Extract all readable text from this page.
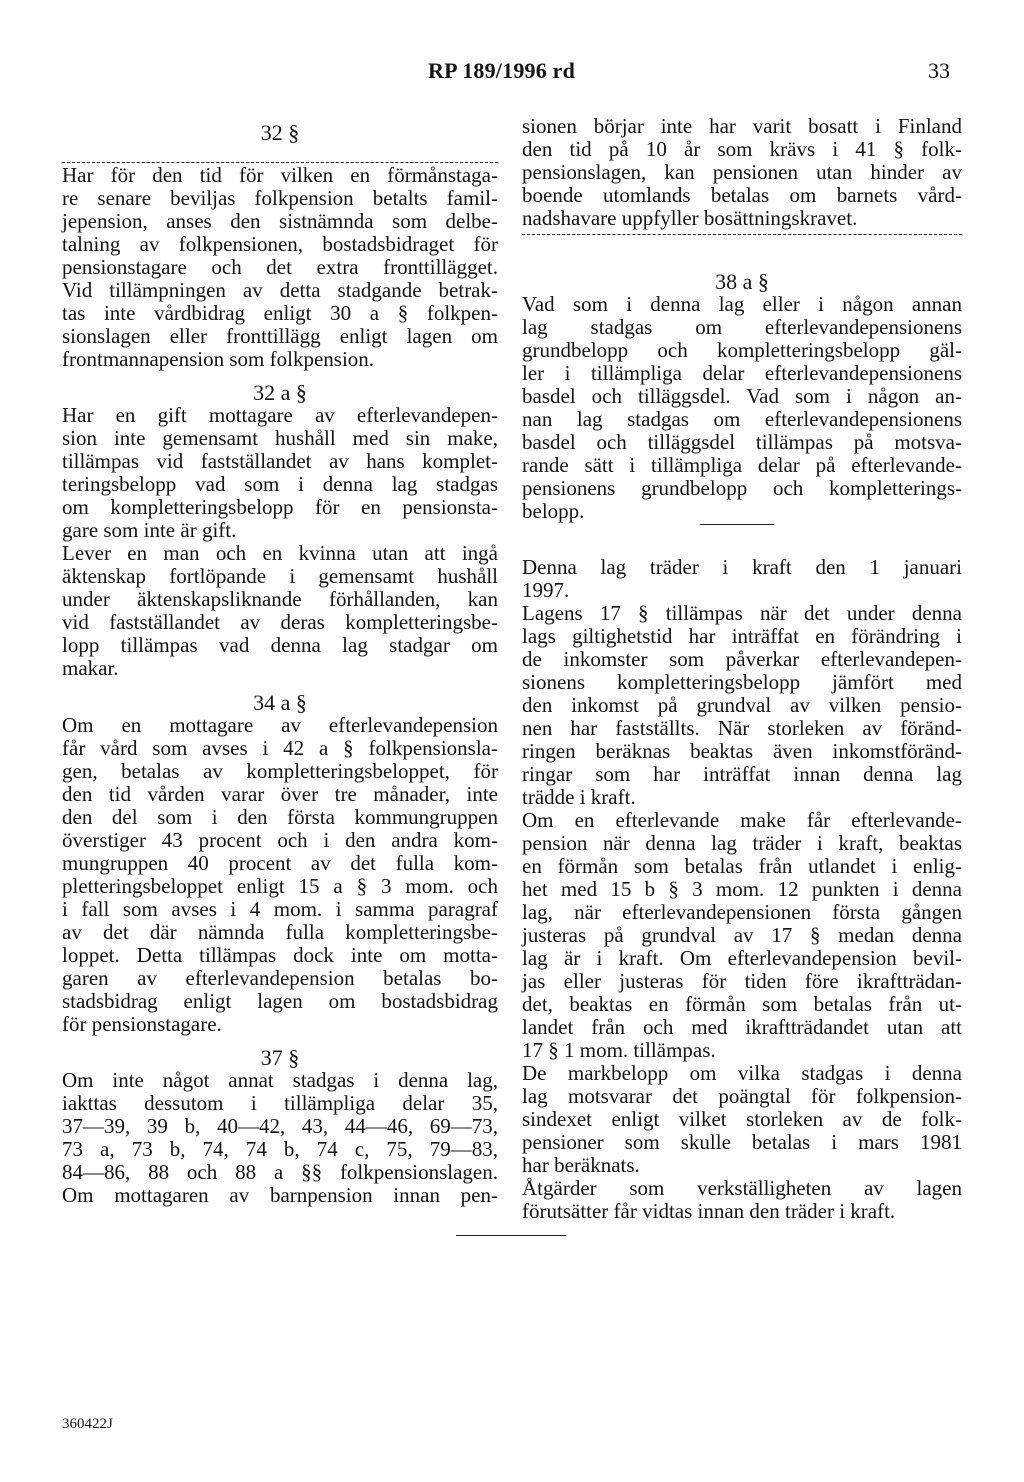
RP 189/1996 rd	33
32 §
Har för den tid för vilken en förmånstaga-
re senare beviljas folkpension betalts famil-
jepension, anses den sistnämnda som delbe-
talning av folkpensionen, bostadsbidraget för
pensionstagare och det extra fronttillägget.
Vid tillämpningen av detta stadgande betrak-
tas inte vårdbidrag enligt 30 a § folkpen-
sionslagen eller fronttillägg enligt lagen om
frontmannapension som folkpension.
32 a §
Har en gift mottagare av efterlevandepen-
sion inte gemensamt hushåll med sin make,
tillämpas vid fastställandet av hans komplet-
teringsbelopp vad som i denna lag stadgas
om kompletteringsbelopp för en pensionsta-
gare som inte är gift.
Lever en man och en kvinna utan att ingå
äktenskap fortlöpande i gemensamt hushåll
under äktenskapsliknande förhållanden, kan
vid fastställandet av deras kompletteringsbe-
lopp tillämpas vad denna lag stadgar om
makar.
34 a §
Om en mottagare av efterlevandepension
får vård som avses i 42 a § folkpensionsla-
gen, betalas av kompletteringsbeloppet, för
den tid vården varar över tre månader, inte
den del som i den första kommungruppen
överstiger 43 procent och i den andra kom-
mungruppen 40 procent av det fulla kom-
pletteringsbeloppet enligt 15 a § 3 mom. och
i fall som avses i 4 mom. i samma paragraf
av det där nämnda fulla kompletteringsbe-
loppet. Detta tillämpas dock inte om motta-
garen av efterlevandepension betalas bo-
stadsbidrag enligt lagen om bostadsbidrag
för pensionstagare.
37 §
Om inte något annat stadgas i denna lag,
iakttas dessutom i tillämpliga delar 35,
37—39, 39 b, 40—42, 43, 44—46, 69—73,
73 a, 73 b, 74, 74 b, 74 c, 75, 79—83,
84—86, 88 och 88 a §§ folkpensionslagen.
Om mottagaren av barnpension innan pen-
sionen börjar inte har varit bosatt i Finland
den tid på 10 år som krävs i 41 § folk-
pensionslagen, kan pensionen utan hinder av
boende utomlands betalas om barnets vård-
nadshavare uppfyller bosättningskravet.
38 a §
Vad som i denna lag eller i någon annan
lag stadgas om efterlevandepensionens
grundbelopp och kompletteringsbelopp gäl-
ler i tillämpliga delar efterlevandepensionens
basdel och tilläggsdel. Vad som i någon an-
nan lag stadgas om efterlevandepensionens
basdel och tilläggsdel tillämpas på motsva-
rande sätt i tillämpliga delar på efterlevande-
pensionens grundbelopp och kompletterings-
belopp.
Denna lag träder i kraft den 1 januari
1997.
Lagens 17 § tillämpas när det under denna
lags giltighetstid har inträffat en förändring i
de inkomster som påverkar efterlevandepen-
sionens kompletteringsbelopp jämfört med
den inkomst på grundval av vilken pensio-
nen har fastställts. När storleken av föränd-
ringen beräknas beaktas även inkomstföränd-
ringar som har inträffat innan denna lag
trädde i kraft.
Om en efterlevande make får efterlevande-
pension när denna lag träder i kraft, beaktas
en förmån som betalas från utlandet i enlig-
het med 15 b § 3 mom. 12 punkten i denna
lag, när efterlevandepensionen första gången
justeras på grundval av 17 § medan denna
lag är i kraft. Om efterlevandepension bevil-
jas eller justeras för tiden före ikraftträdan-
det, beaktas en förmån som betalas från ut-
landet från och med ikraftträdandet utan att
17 § 1 mom. tillämpas.
De markbelopp om vilka stadgas i denna
lag motsvarar det poängtal för folkpension-
sindexet enligt vilket storleken av de folk-
pensioner som skulle betalas i mars 1981
har beräknats.
Åtgärder som verkställigheten av lagen
förutsätter får vidtas innan den träder i kraft.
360422J
